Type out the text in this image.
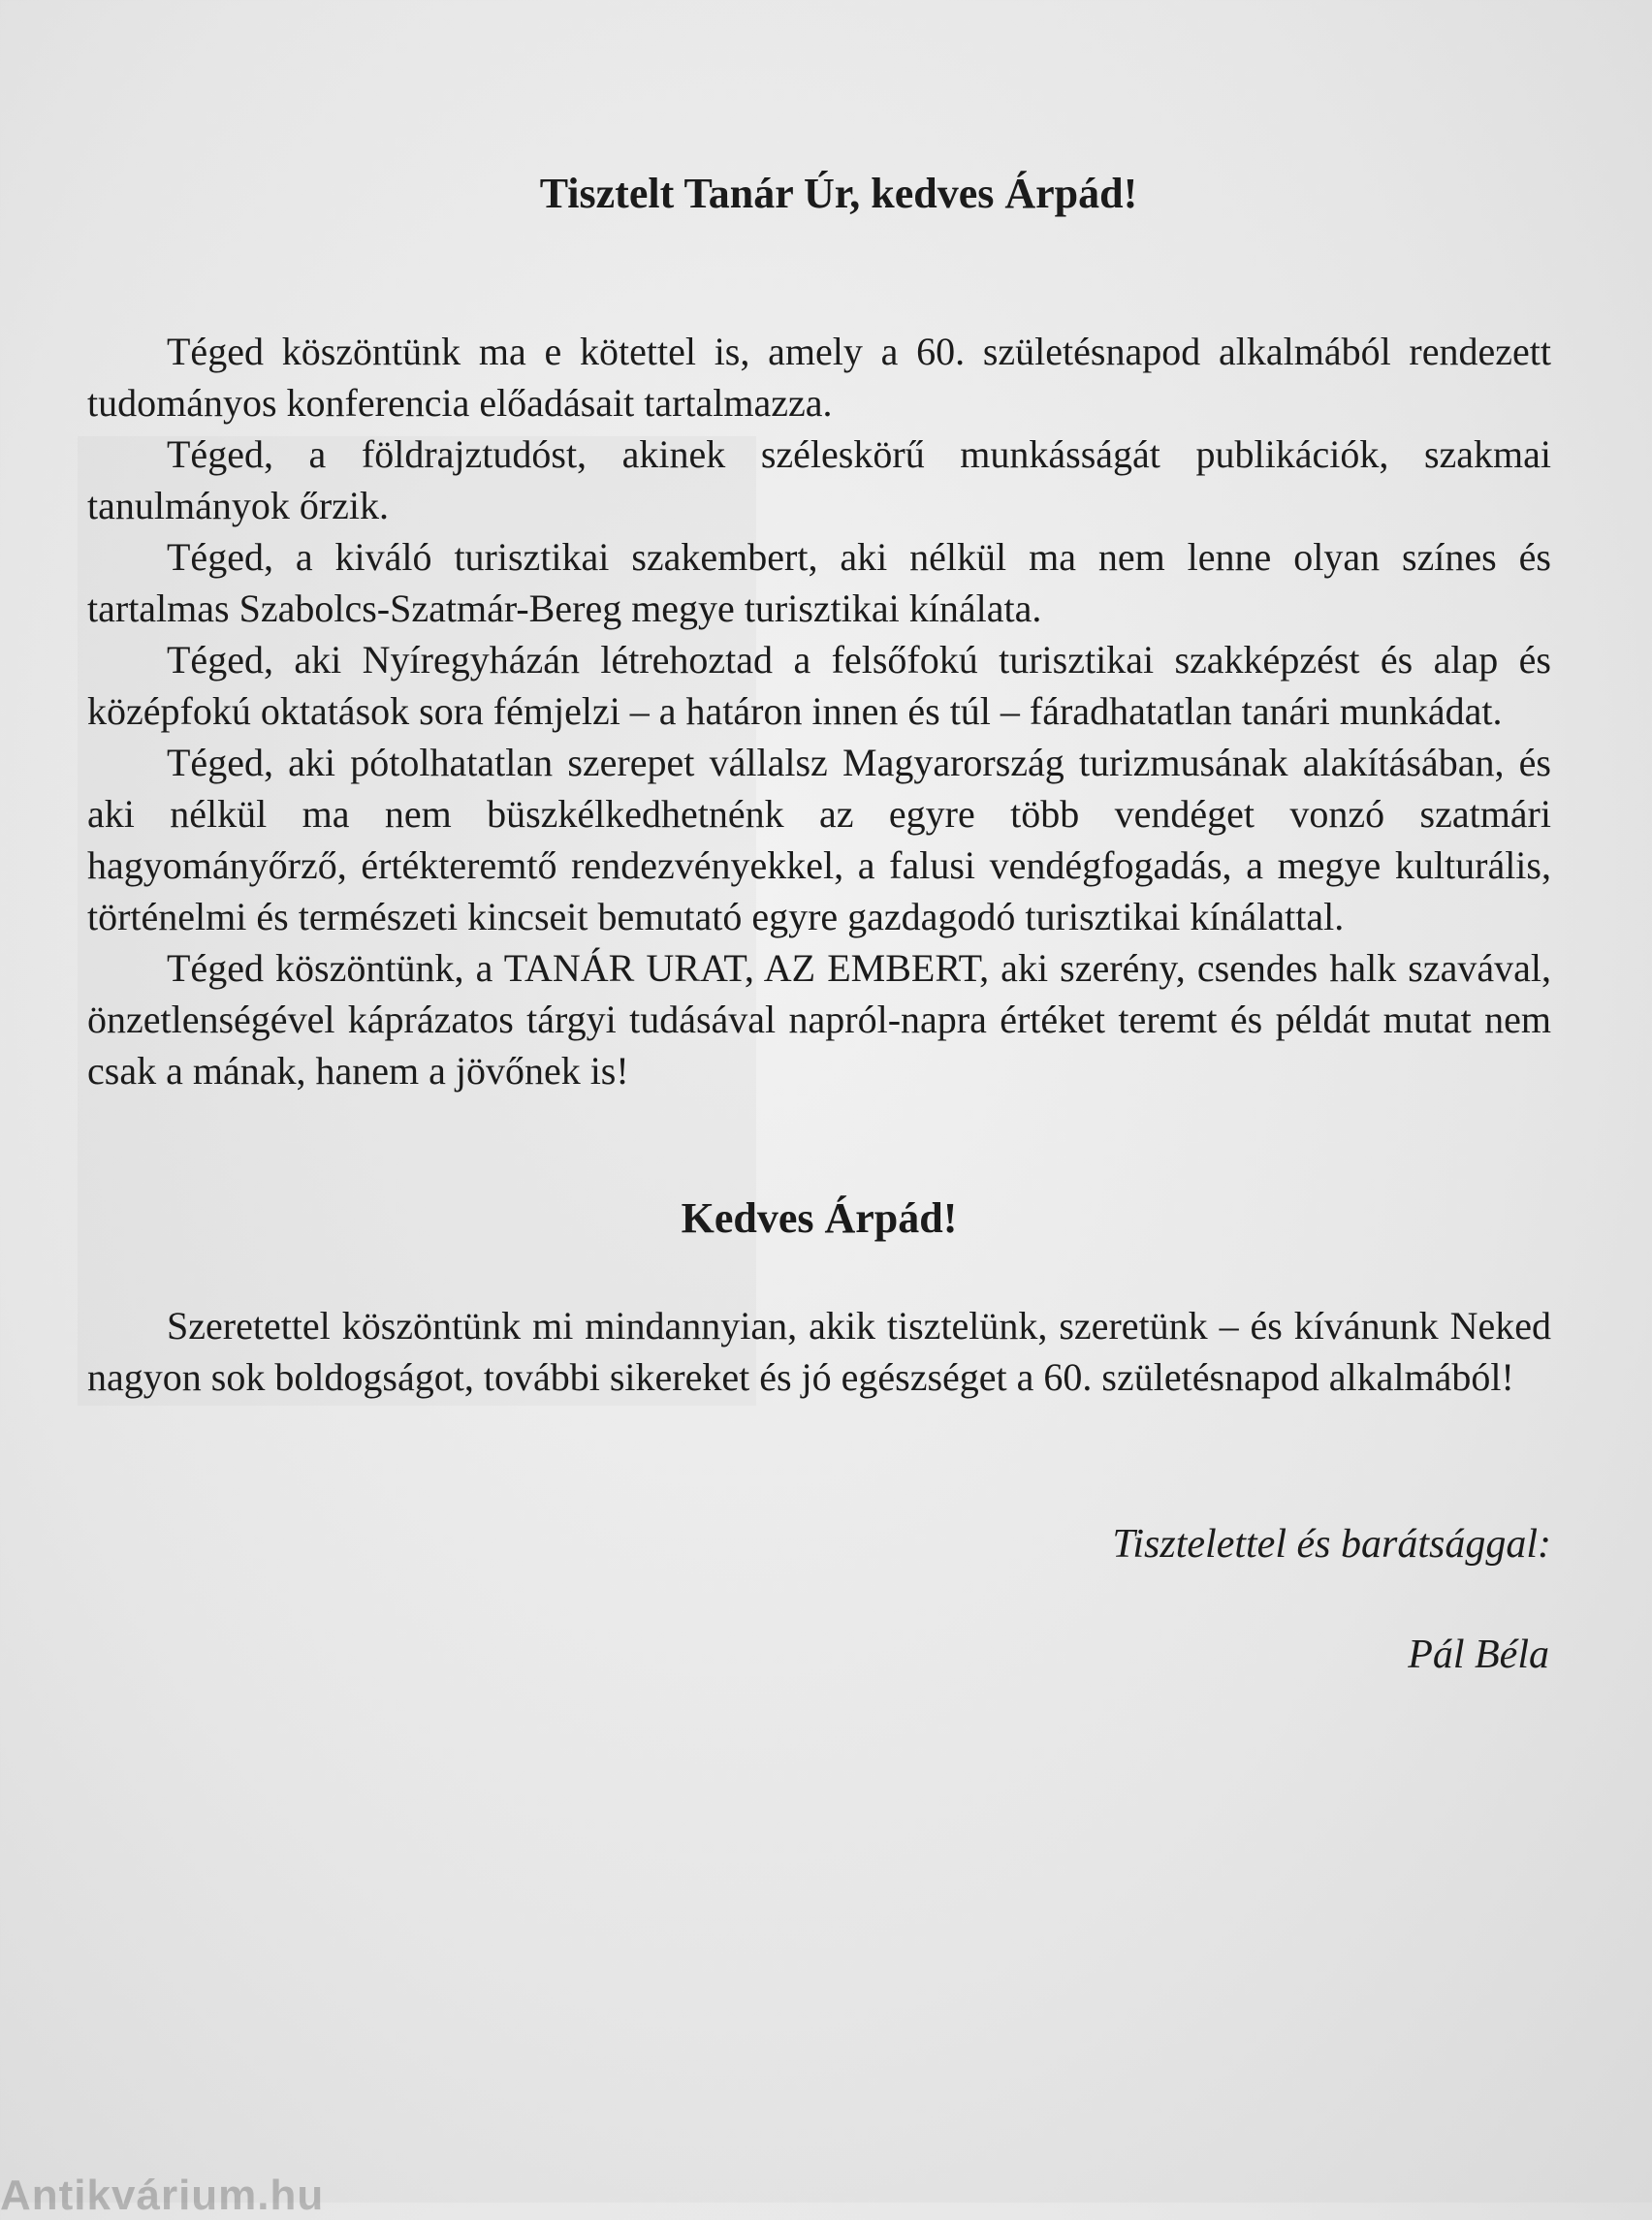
Tisztelt Tanár Úr, kedves Árpád!

Téged köszöntünk ma e kötettel is, amely a 60. születésnapod alkalmából rendezett tudományos konferencia előadásait tartalmazza.

Téged, a földrajztudóst, akinek széleskörű munkásságát publikációk, szakmai tanulmányok őrzik.

Téged, a kiváló turisztikai szakembert, aki nélkül ma nem lenne olyan színes és tartalmas Szabolcs-Szatmár-Bereg megye turisztikai kínálata.

Téged, aki Nyíregyházán létrehoztad a felsőfokú turisztikai szakképzést és alap és középfokú oktatások sora fémjelzi – a határon innen és túl – fáradhatatlan tanári munkádat.

Téged, aki pótolhatatlan szerepet vállalsz Magyarország turizmusának alakításában, és aki nélkül ma nem büszkélkedhetnénk az egyre több vendéget vonzó szatmári hagyományőrző, értékteremtő rendezvényekkel, a falusi vendégfogadás, a megye kulturális, történelmi és természeti kincseit bemutató egyre gazdagodó turisztikai kínálattal.

Téged köszöntünk, a TANÁR URAT, AZ EMBERT, aki szerény, csendes halk szavával, önzetlenségével káprázatos tárgyi tudásával napról-napra értéket teremt és példát mutat nem csak a mának, hanem a jövőnek is!

Kedves Árpád!

Szeretettel köszöntünk mi mindannyian, akik tisztelünk, szeretünk – és kívánunk Neked nagyon sok boldogságot, további sikereket és jó egészséget a 60. születésnapod alkalmából!

Tisztelettel és barátsággal:

Pál Béla

Antikvárium.hu
